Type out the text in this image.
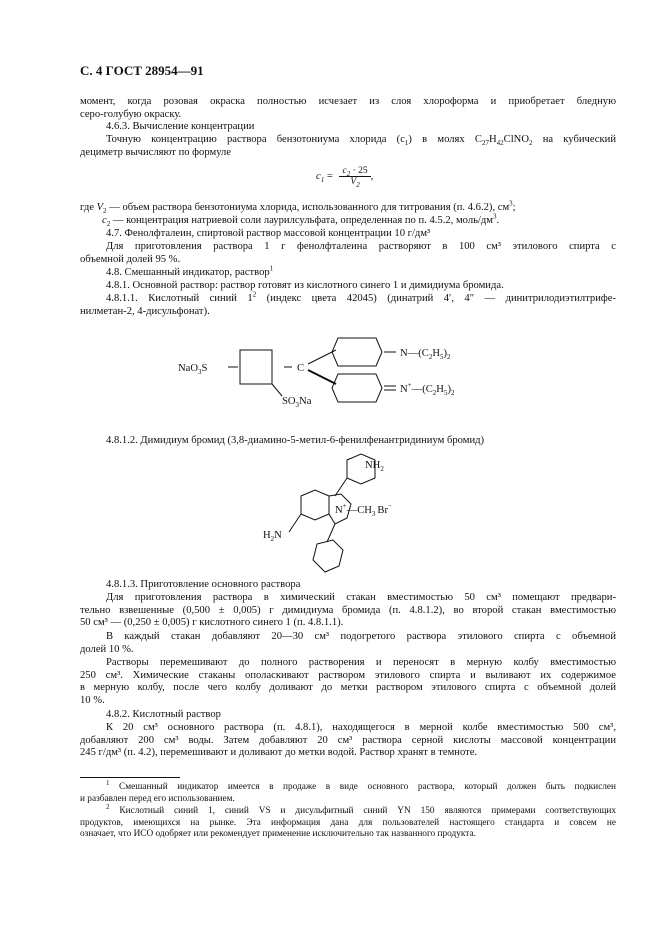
С. 4 ГОСТ 28954—91
момент, когда розовая окраска полностью исчезает из слоя хлороформа и приобретает бледную
серо-голубую окраску.
4.6.3. Вычисление концентрации
Точную концентрацию раствора бензотониума хлорида $(c_1)$ в молях $C_{27}H_{42}ClNO_2$ на кубический
дециметр вычисляют по формуле
$c_1 = \frac{c_2 \cdot 25}{V_2}$ ,
где $V_2$ — объем раствора бензотониума хлорида, использованного для титрования (п. 4.6.2), $см^3$;
$c_2$ — концентрация натриевой соли лаурилсульфата, определенная по п. 4.5.2, моль/$дм^3$.
4.7. Фенолфталеин, спиртовой раствор массовой концентрации 10 г/дм³
Для приготовления раствора 1 г фенолфталеина растворяют в 100 см³ этилового спирта с
объемной долей 95 %.
4.8. Смешанный индикатор, раствор$^1$
4.8.1. Основной раствор: раствор готовят из кислотного синего 1 и димидиума бромида.
4.8.1.1. Кислотный синий $1^2$ (индекс цвета 42045) (динатрий 4′, 4″ — динитрилодиэтилтрифе-
нилметан-2, 4-дисульфонат).
NaO$_3$S
$SO_3Na$
C
$N—(C_2H_5)_2$
$N^+—(C_2H_5)_2$
4.8.1.2. Димидиум бромид (3,8-диамино-5-метил-6-фенилфенантридиниум бромид)
$NH_2$
$N^+—CH_3$ Br−
$H_2N$
4.8.1.3. Приготовление основного раствора
Для приготовления раствора в химический стакан вместимостью 50 см³ помещают предвари-
тельно взвешенные (0,500 ± 0,005) г димидиума бромида (п. 4.8.1.2), во второй стакан вместимостью
50 см³ — (0,250 ± 0,005) г кислотного синего 1 (п. 4.8.1.1).
В каждый стакан добавляют 20—30 см³ подогретого раствора этилового спирта с объемной
долей 10 %.
Растворы перемешивают до полного растворения и переносят в мерную колбу вместимостью
250 см³. Химические стаканы ополаскивают раствором этилового спирта и выливают их содержимое
в мерную колбу, после чего колбу доливают до метки раствором этилового спирта с объемной долей
10 %.
4.8.2. Кислотный раствор
К 20 см³ основного раствора (п. 4.8.1), находящегося в мерной колбе вместимостью 500 см³,
добавляют 200 см³ воды. Затем добавляют 20 см³ раствора серной кислоты массовой концентрации
245 г/дм³ (п. 4.2), перемешивают и доливают до метки водой. Раствор хранят в темноте.
$^1$ Смешанный индикатор имеется в продаже в виде основного раствора, который должен быть подкислен
и разбавлен перед его использованием.
$^2$ Кислотный синий 1, синий VS и дисульфитный синий YN 150 являются примерами соответствующих
продуктов, имеющихся на рынке. Эта информация дана для пользователей настоящего стандарта и совсем не
означает, что ИСО одобряет или рекомендует применение исключительно так названного продукта.
